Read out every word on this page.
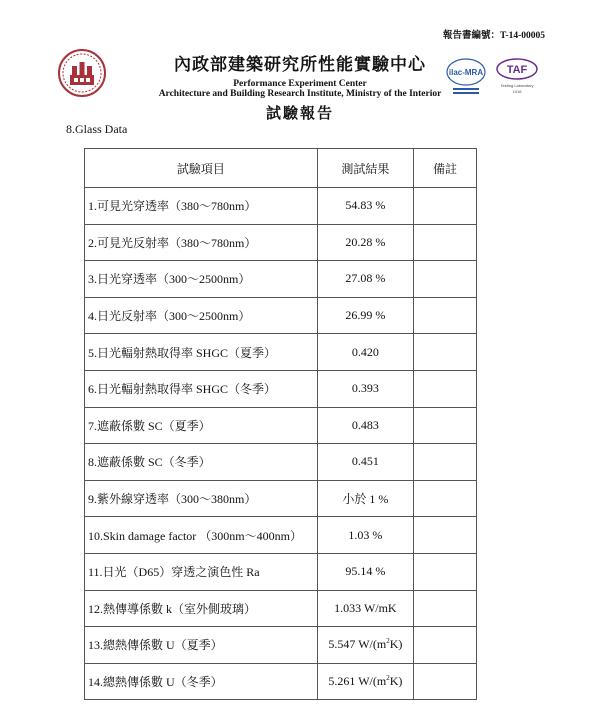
報告書編號：T-14-00005
內政部建築研究所性能實驗中心
Performance Experiment Center
Architecture and Building Research Institute, Ministry of the Interior
試驗報告
ilac-MRA TAF
Testing Laboratory
1016
8.Glass Data
試驗項目	測試結果	備註
1.可見光穿透率（380～780nm）	54.83 %	
2.可見光反射率（380～780nm）	20.28 %	
3.日光穿透率（300～2500nm）	27.08 %	
4.日光反射率（300～2500nm）	26.99 %	
5.日光輻射熱取得率 SHGC（夏季）	0.420	
6.日光輻射熱取得率 SHGC（冬季）	0.393	
7.遮蔽係數 SC（夏季）	0.483	
8.遮蔽係數 SC（冬季）	0.451	
9.紫外線穿透率（300～380nm）	小於 1 %	
10.Skin damage factor （300nm～400nm）	1.03 %	
11.日光（D65）穿透之演色性 Ra	95.14 %	
12.熱傳導係數 k（室外側玻璃）	1.033 W/mK	
13.總熱傳係數 U（夏季）	5.547 $W/(m^2K)$	
14.總熱傳係數 U（冬季）	5.261 $W/(m^2K)$	
